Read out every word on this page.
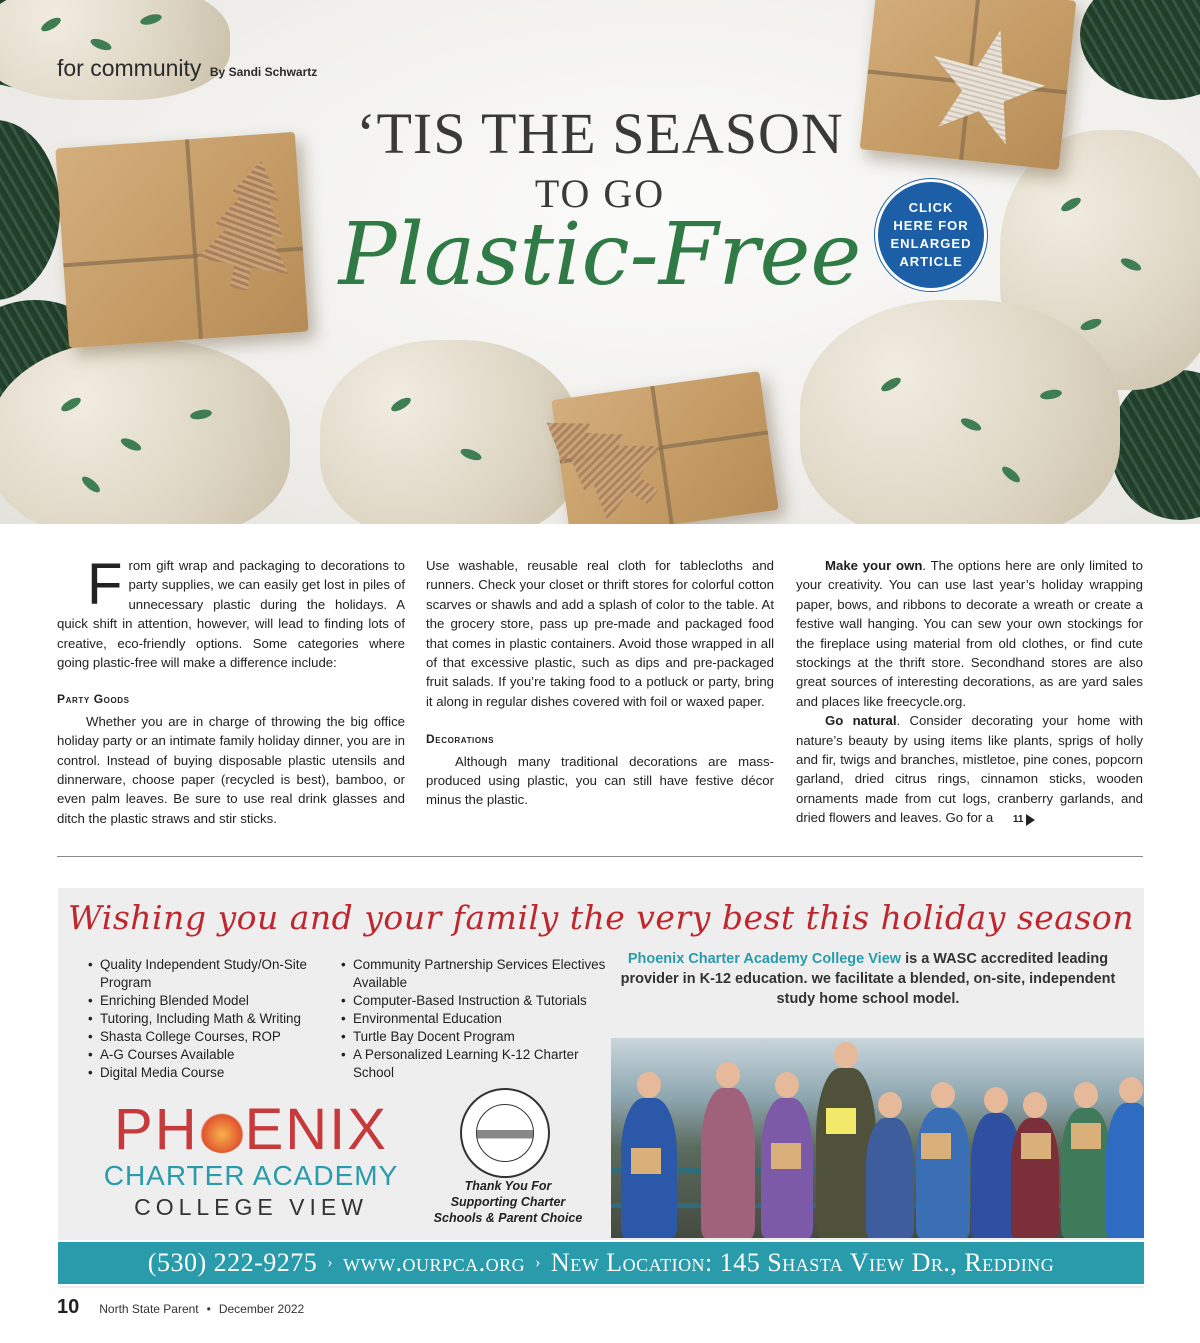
for community By Sandi Schwartz
‘TIS THE SEASON
TO GO
Plastic-Free	CLICK
HERE FOR
ENLARGED
ARTICLE

F rom gift wrap and packaging to decorations to party supplies, we can easily get lost in piles of unnecessary plastic during the holidays. A quick shift in attention, however, will lead to finding lots of creative, eco-friendly options. Some categories where going plastic-free will make a difference include:

Party Goods

Whether you are in charge of throwing the big office holiday party or an intimate family holiday dinner, you are in control. Instead of buying disposable plastic utensils and dinnerware, choose paper (recycled is best), bamboo, or even palm leaves. Be sure to use real drink glasses and ditch the plastic straws and stir sticks.

Use washable, reusable real cloth for tablecloths and runners. Check your closet or thrift stores for colorful cotton scarves or shawls and add a splash of color to the table. At the grocery store, pass up pre-made and packaged food that comes in plastic containers. Avoid those wrapped in all of that excessive plastic, such as dips and pre-packaged fruit salads. If you’re taking food to a potluck or party, bring it along in regular dishes covered with foil or waxed paper.

Decorations

Although many traditional decorations are mass-produced using plastic, you can still have festive décor minus the plastic.

Make your own. The options here are only limited to your creativity. You can use last year’s holiday wrapping paper, bows, and ribbons to decorate a wreath or create a festive wall hanging. You can sew your own stockings for the fireplace using material from old clothes, or find cute stockings at the thrift store. Secondhand stores are also great sources of interesting decorations, as are yard sales and places like freecycle.org.

Go natural. Consider decorating your home with nature’s beauty by using items like plants, sprigs of holly and fir, twigs and branches, mistletoe, pine cones, popcorn garland, dried citrus rings, cinnamon sticks, wooden ornaments made from cut logs, cranberry garlands, and dried flowers and leaves. Go for a 11

Wishing you and your family the very best this holiday season
• Quality Independent Study/On-Site Program
• Enriching Blended Model
• Tutoring, Including Math & Writing
• Shasta College Courses, ROP
• A-G Courses Available
• Digital Media Course
• Community Partnership Services Electives Available
• Computer-Based Instruction & Tutorials
• Environmental Education
• Turtle Bay Docent Program
• A Personalized Learning K-12 Charter School
Phoenix Charter Academy College View is a WASC accredited leading provider in K-12 education. we facilitate a blended, on-site, independent study home school model.
PH ENIX
CHARTER ACADEMY
COLLEGE VIEW
Thank You For
Supporting Charter
Schools & Parent Choice
(530) 222-9275 › www.ourpca.org › New Location: 145 Shasta View Dr., Redding
10 North State Parent • December 2022
